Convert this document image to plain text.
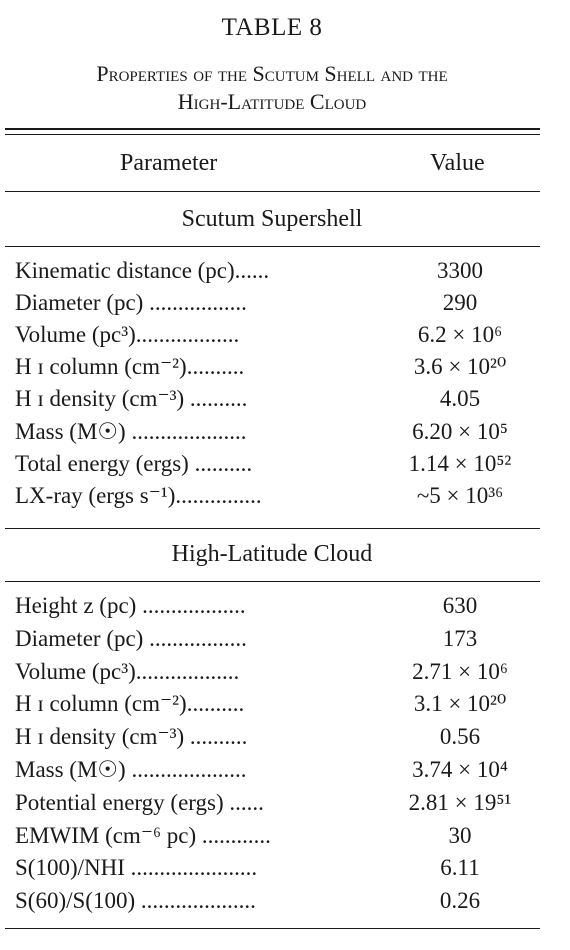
TABLE 8
Properties of the Scutum Shell and the
High-Latitude Cloud
Parameter	Value
Scutum Supershell
Kinematic distance (pc)......	3300
Diameter (pc) .................	290
Volume (pc³)..................	6.2 × 10⁶
H ɪ column (cm⁻²)..........	3.6 × 10²⁰
H ɪ density (cm⁻³) ..........	4.05
Mass (M☉) ....................	6.20 × 10⁵
Total energy (ergs) ..........	1.14 × 10⁵²
LX-ray (ergs s⁻¹)...............	~5 × 10³⁶
High-Latitude Cloud
Height z (pc) ..................	630
Diameter (pc) .................	173
Volume (pc³)..................	2.71 × 10⁶
H ɪ column (cm⁻²)..........	3.1 × 10²⁰
H ɪ density (cm⁻³) ..........	0.56
Mass (M☉) ....................	3.74 × 10⁴
Potential energy (ergs) ......	2.81 × 19⁵¹
EMWIM (cm⁻⁶ pc) ............	30
S(100)/NHI ......................	6.11
S(60)/S(100) ....................	0.26
